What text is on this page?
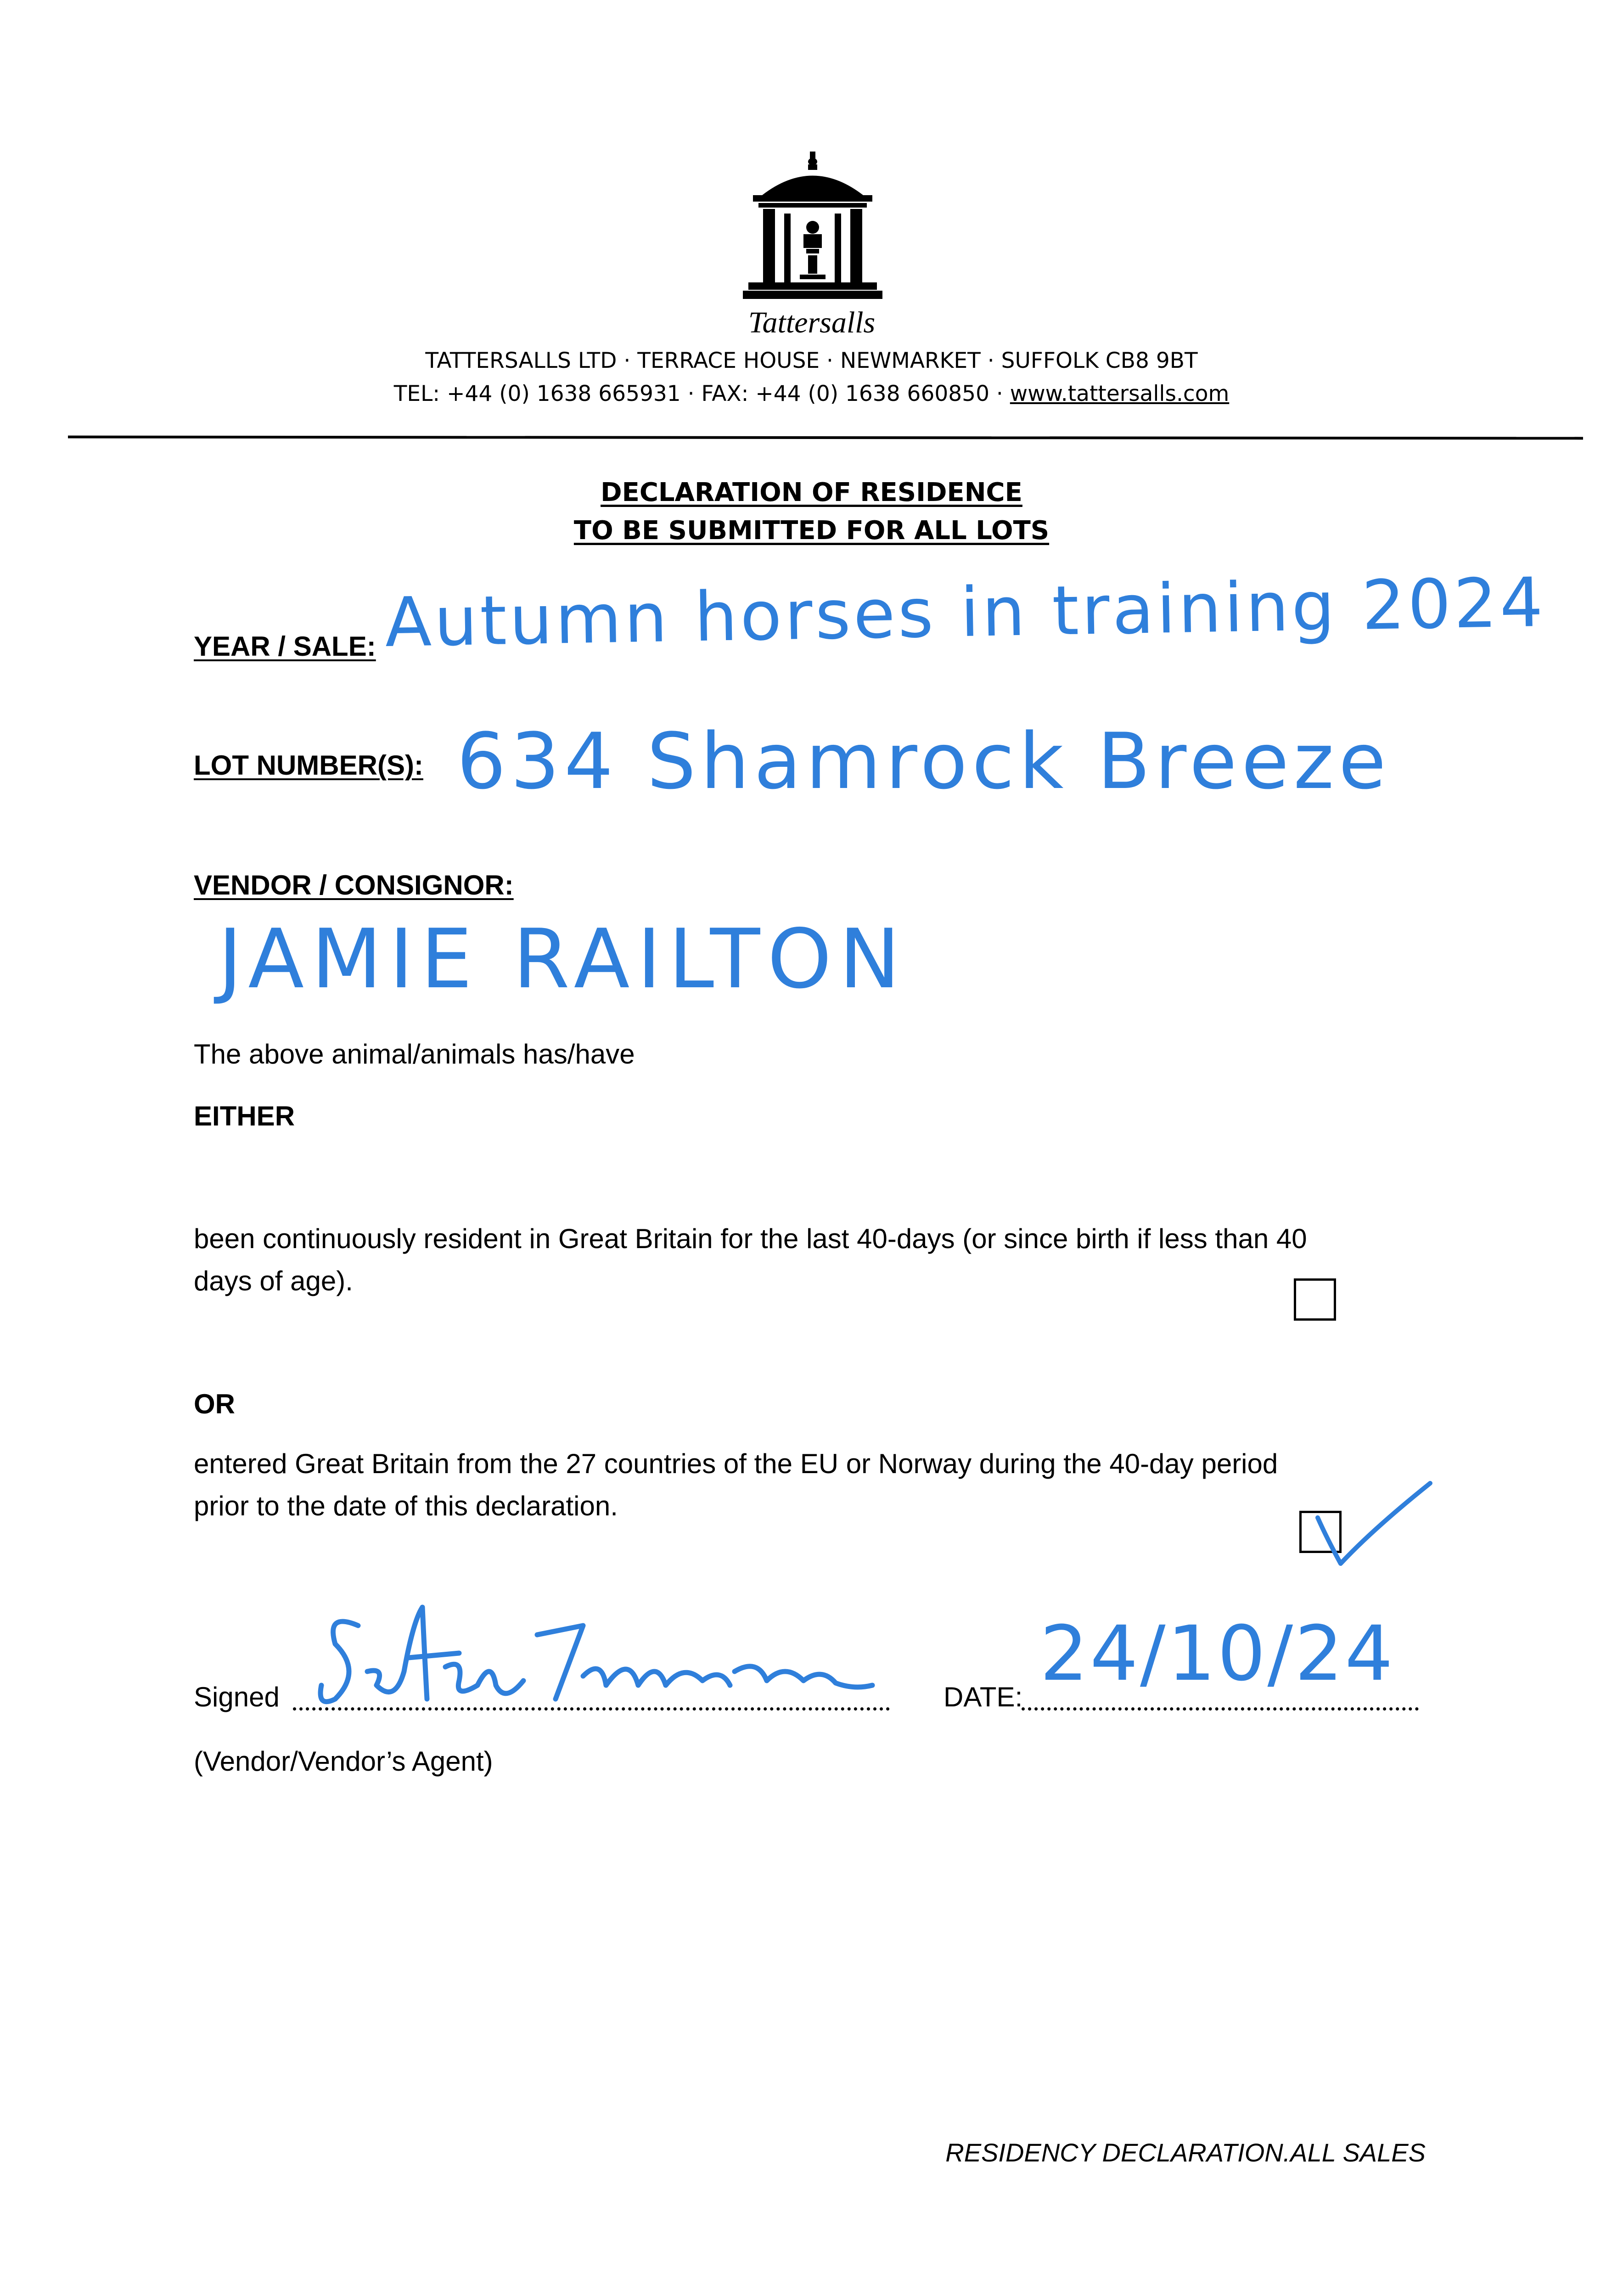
Tattersalls
TATTERSALLS LTD · TERRACE HOUSE · NEWMARKET · SUFFOLK CB8 9BT
TEL: +44 (0) 1638 665931 · FAX: +44 (0) 1638 660850 · www.tattersalls.com
DECLARATION OF RESIDENCE
TO BE SUBMITTED FOR ALL LOTS
YEAR / SALE: Autumn horses in training 2024
LOT NUMBER(S): 634 Shamrock Breeze
VENDOR / CONSIGNOR:
JAMIE RAILTON
The above animal/animals has/have
EITHER
been continuously resident in Great Britain for the last 40-days (or since birth if less than 40
days of age).
OR
entered Great Britain from the 27 countries of the EU or Norway during the 40-day period
prior to the date of this declaration.
Signed	DATE: 24/10/24
(Vendor/Vendor’s Agent)
RESIDENCY DECLARATION.ALL SALES
